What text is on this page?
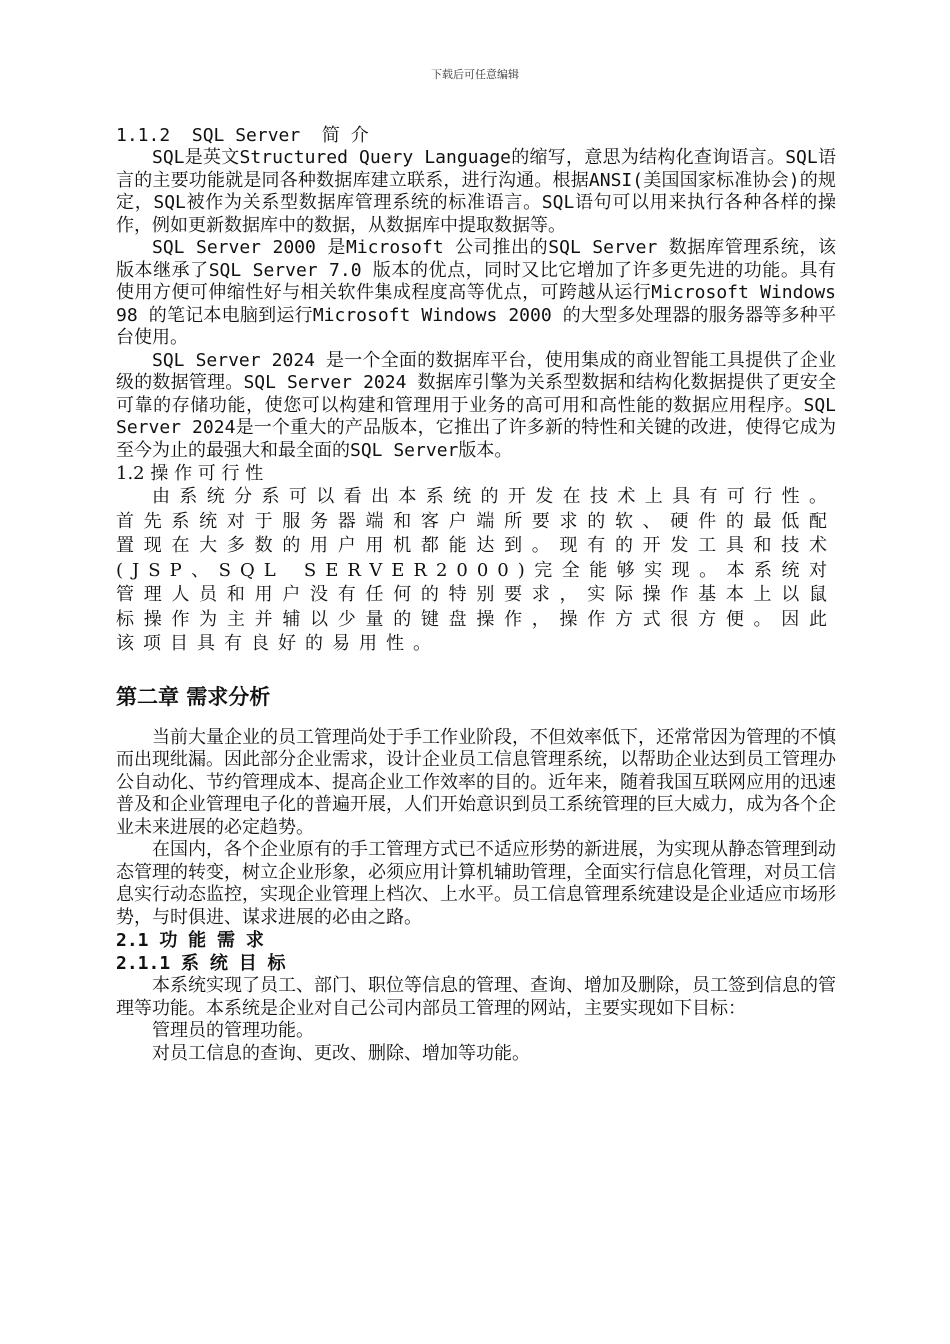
下载后可任意编辑
1.1.2  SQL Server  简 介

SQL是英文Structured Query Language的缩写，意思为结构化查询语言。SQL语言的主要功能就是同各种数据库建立联系，进行沟通。根据ANSI(美国国家标准协会)的规定，SQL被作为关系型数据库管理系统的标准语言。SQL语句可以用来执行各种各样的操作，例如更新数据库中的数据，从数据库中提取数据等。

SQL Server 2000 是Microsoft 公司推出的SQL Server 数据库管理系统，该版本继承了SQL Server 7.0 版本的优点，同时又比它增加了许多更先进的功能。具有使用方便可伸缩性好与相关软件集成程度高等优点，可跨越从运行Microsoft Windows 98 的笔记本电脑到运行Microsoft Windows 2000 的大型多处理器的服务器等多种平台使用。

SQL Server 2024 是一个全面的数据库平台，使用集成的商业智能工具提供了企业级的数据管理。SQL Server 2024 数据库引擎为关系型数据和结构化数据提供了更安全可靠的存储功能，使您可以构建和管理用于业务的高可用和高性能的数据应用程序。SQL Server 2024是一个重大的产品版本，它推出了许多新的特性和关键的改进，使得它成为至今为止的最强大和最全面的SQL Server版本。

1.2 操 作 可 行 性

由系统分系可以看出本系统的开发在技术上具有可行性。首先系统对于服务器端和客户端所要求的软、硬件的最低配置现在大多数的用户用机都能达到。现有的开发工具和技术(JSP、SQL SERVER2000)完全能够实现。本系统对管理人员和用户没有任何的特别要求，实际操作基本上以鼠标操作为主并辅以少量的键盘操作，操作方式很方便。因此该项目具有良好的易用性。

第二章 需求分析

当前大量企业的员工管理尚处于手工作业阶段，不但效率低下，还常常因为管理的不慎而出现纰漏。因此部分企业需求，设计企业员工信息管理系统，以帮助企业达到员工管理办公自动化、节约管理成本、提高企业工作效率的目的。近年来，随着我国互联网应用的迅速普及和企业管理电子化的普遍开展，人们开始意识到员工系统管理的巨大威力，成为各个企业未来进展的必定趋势。

在国内，各个企业原有的手工管理方式已不适应形势的新进展，为实现从静态管理到动态管理的转变，树立企业形象，必须应用计算机辅助管理，全面实行信息化管理，对员工信息实行动态监控，实现企业管理上档次、上水平。员工信息管理系统建设是企业适应市场形势，与时俱进、谋求进展的必由之路。

2.1 功 能 需 求
2.1.1 系 统 目 标

本系统实现了员工、部门、职位等信息的管理、查询、增加及删除，员工签到信息的管理等功能。本系统是企业对自己公司内部员工管理的网站，主要实现如下目标：

管理员的管理功能。

对员工信息的查询、更改、删除、增加等功能。
